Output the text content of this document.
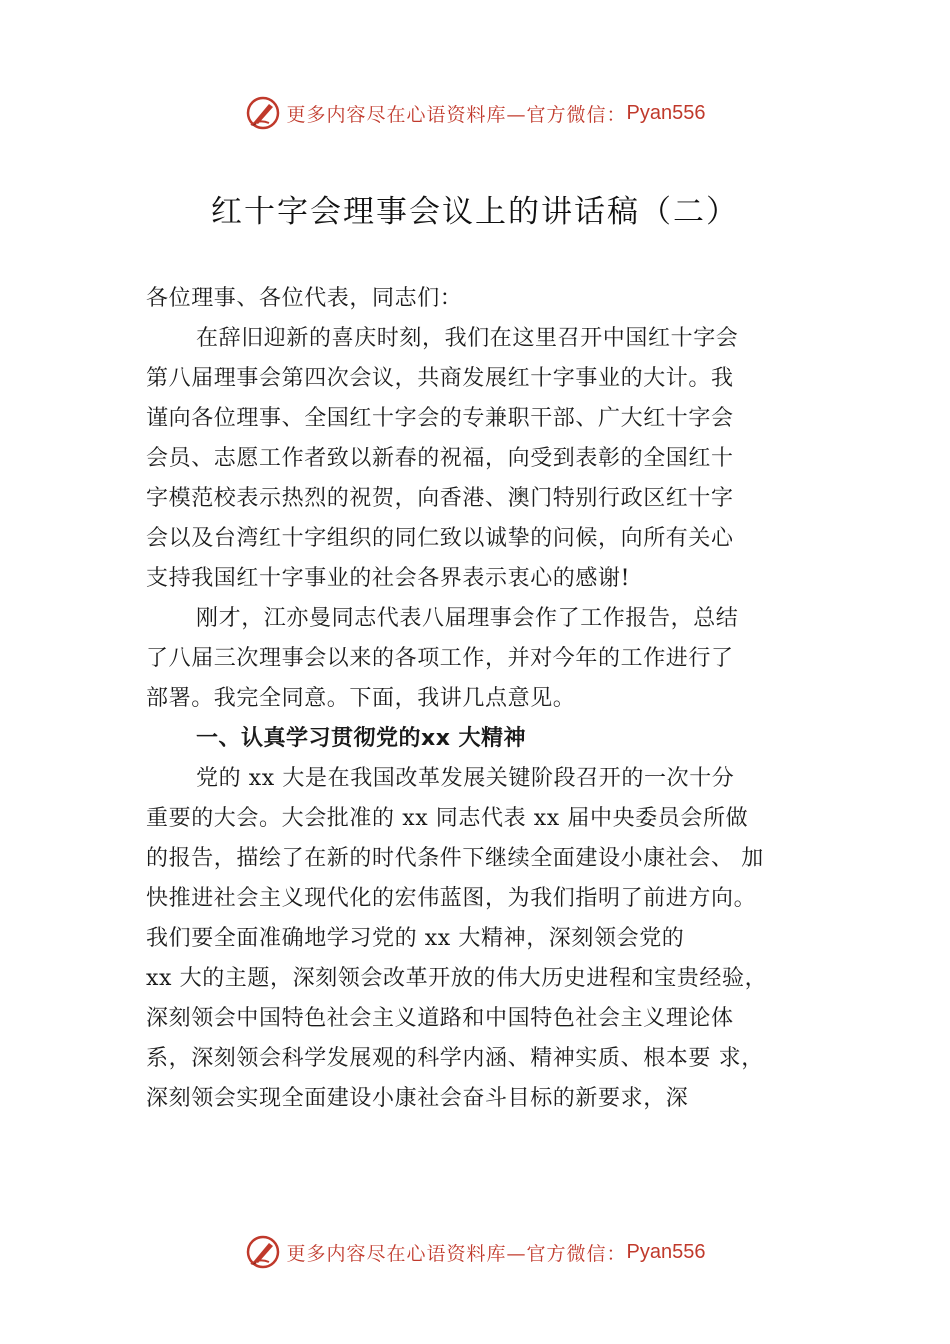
更多内容尽在心语资料库—官方微信： Pyan556
红十字会理事会议上的讲话稿（二）
各位理事、各位代表，同志们：
在辞旧迎新的喜庆时刻，我们在这里召开中国红十字会
第八届理事会第四次会议，共商发展红十字事业的大计。我
谨向各位理事、全国红十字会的专兼职干部、广大红十字会
会员、志愿工作者致以新春的祝福，向受到表彰的全国红十
字模范校表示热烈的祝贺，向香港、澳门特别行政区红十字
会以及台湾红十字组织的同仁致以诚挚的问候，向所有关心
支持我国红十字事业的社会各界表示衷心的感谢!
刚才，江亦曼同志代表八届理事会作了工作报告，总结
了八届三次理事会以来的各项工作，并对今年的工作进行了
部署。我完全同意。下面，我讲几点意见。
一、认真学习贯彻党的xx 大精神
党的 xx 大是在我国改革发展关键阶段召开的一次十分
重要的大会。大会批准的 xx 同志代表 xx 届中央委员会所做
的报告，描绘了在新的时代条件下继续全面建设小康社会、 加
快推进社会主义现代化的宏伟蓝图，为我们指明了前进方向。
我们要全面准确地学习党的 xx 大精神，深刻领会党的
xx 大的主题，深刻领会改革开放的伟大历史进程和宝贵经验，
深刻领会中国特色社会主义道路和中国特色社会主义理论体
系，深刻领会科学发展观的科学内涵、精神实质、根本要 求，
深刻领会实现全面建设小康社会奋斗目标的新要求，深
更多内容尽在心语资料库—官方微信： Pyan556
